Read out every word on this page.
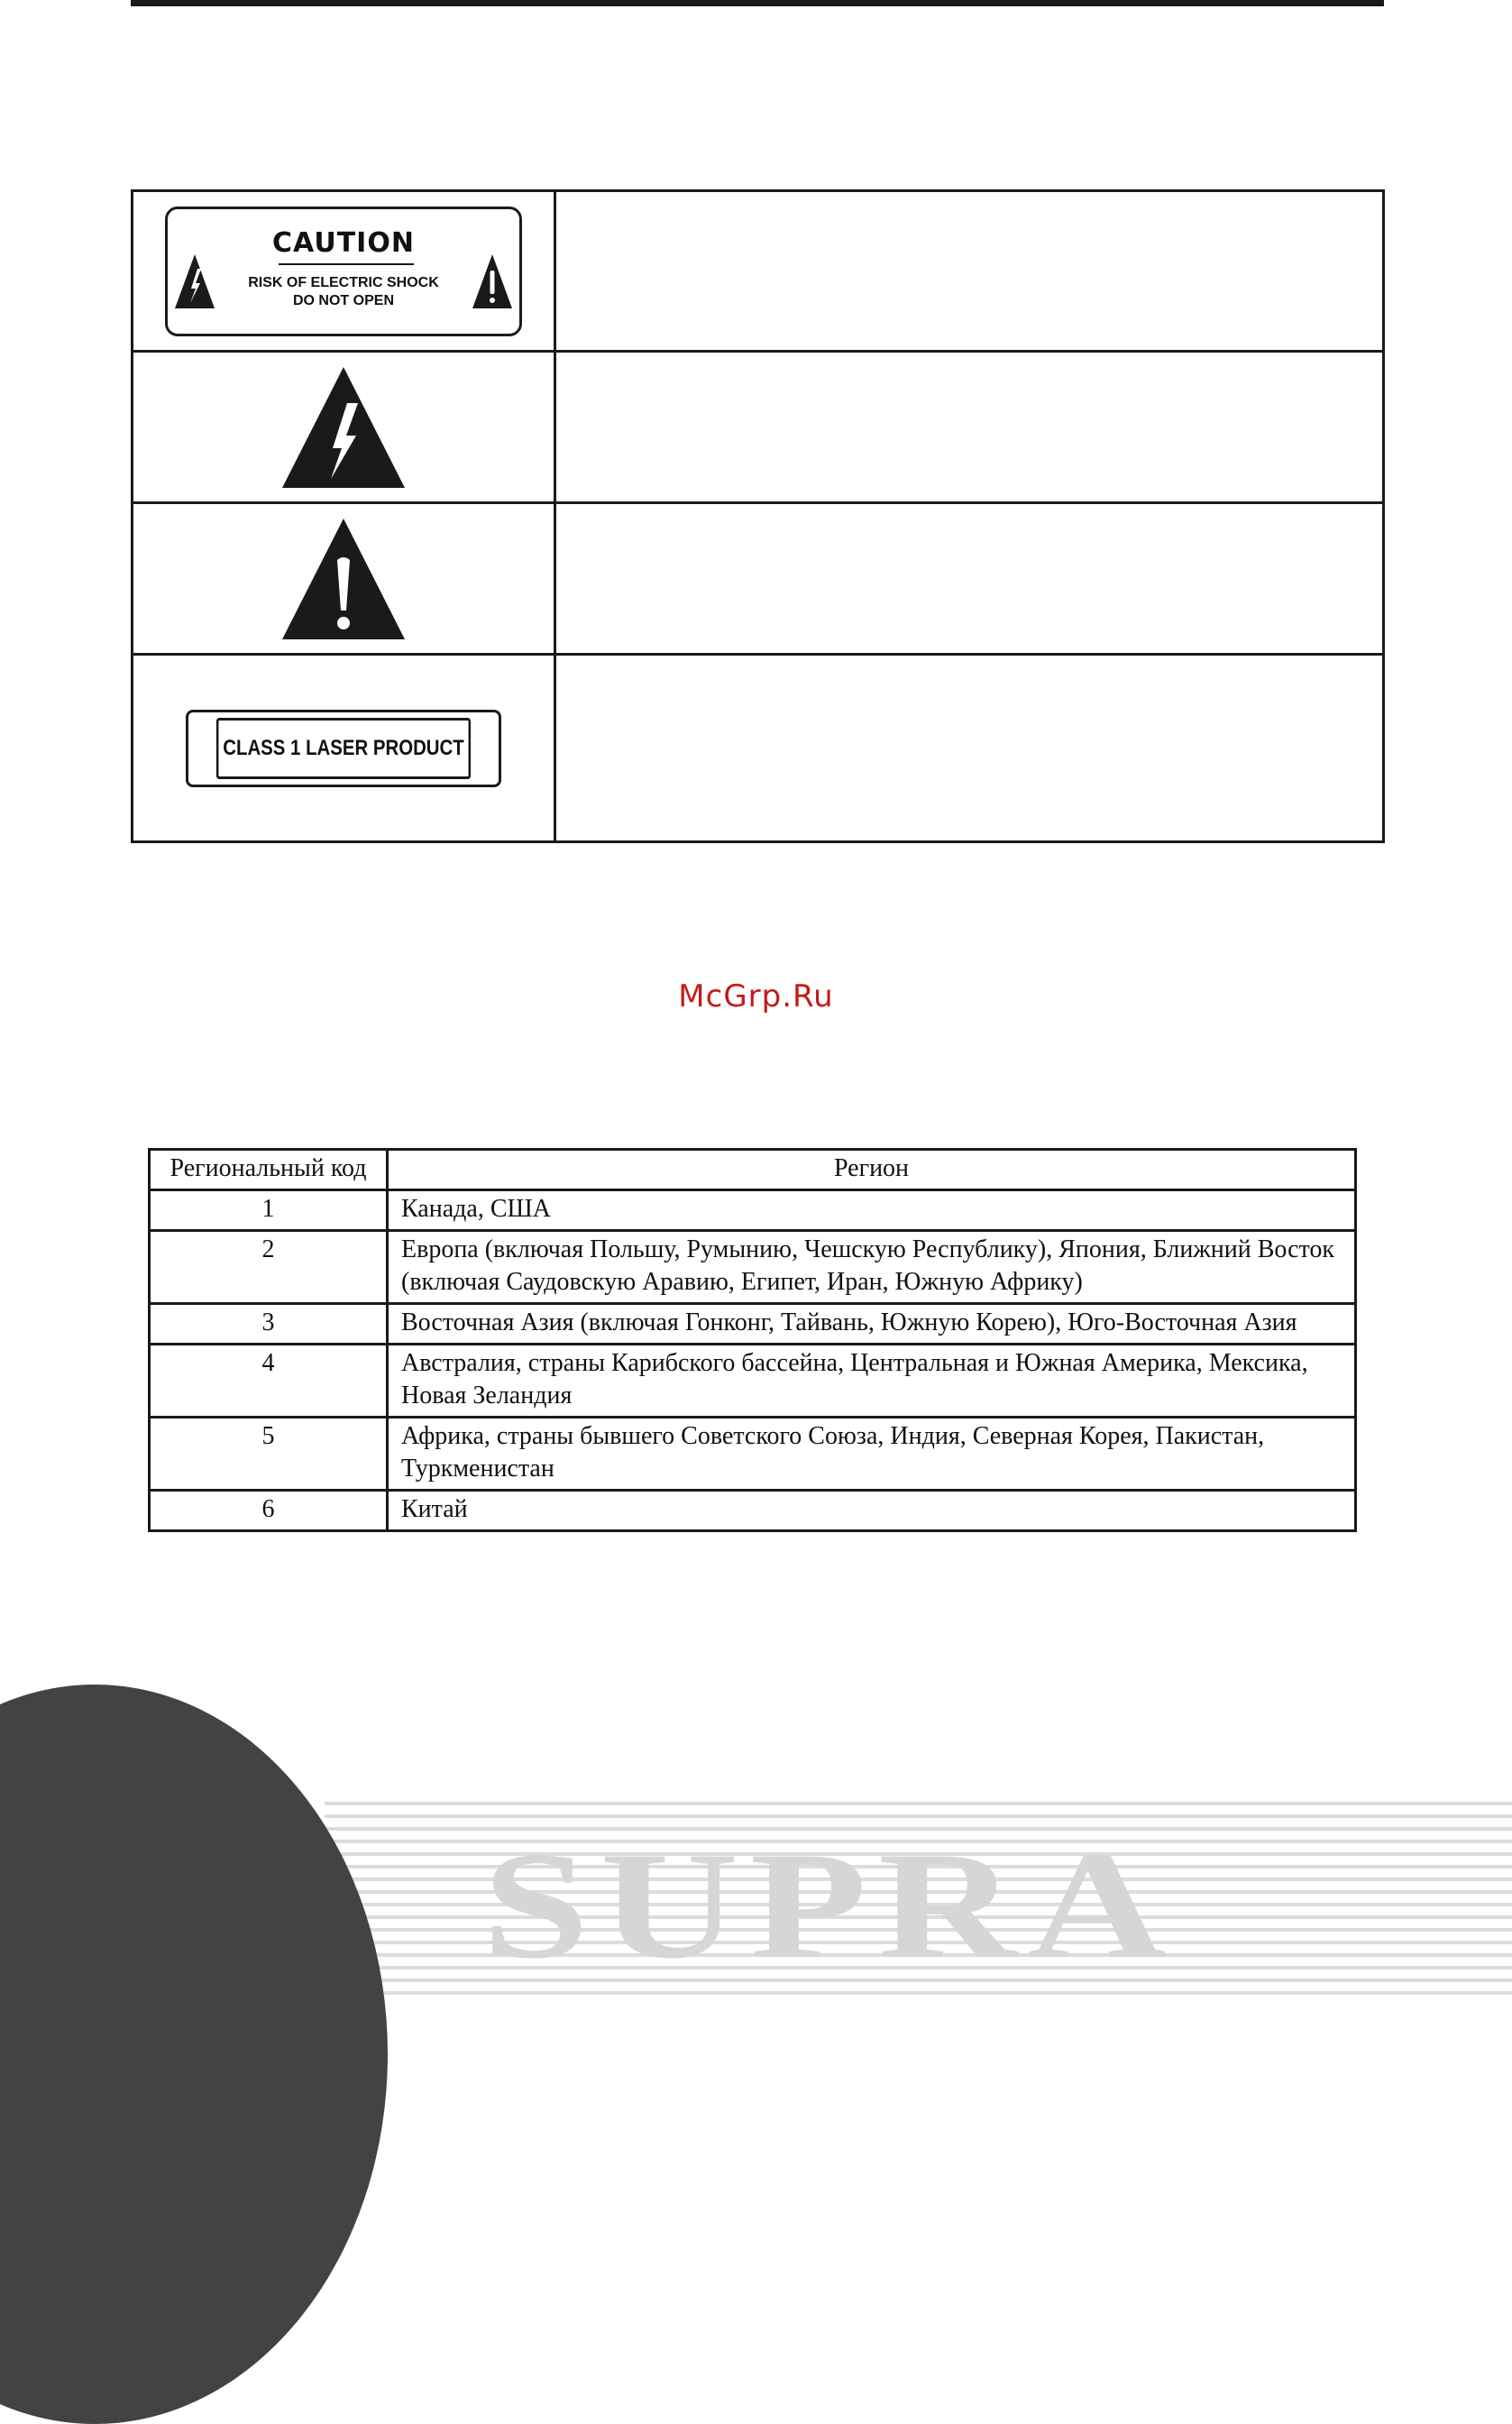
CAUTION
RISK OF ELECTRIC SHOCK
DO NOT OPEN
CLASS 1 LASER PRODUCT
McGrp.Ru
Региональный код	Регион
1	Канада, США
2	Европа (включая Польшу, Румынию, Чешскую Республику), Япония, Ближний Восток (включая Саудовскую Аравию, Египет, Иран, Южную Африку)
3	Восточная Азия (включая Гонконг, Тайвань, Южную Корею), Юго-Восточная Азия
4	Австралия, страны Карибского бассейна, Центральная и Южная Америка, Мексика, Новая Зеландия
5	Африка, страны бывшего Советского Союза, Индия, Северная Корея, Пакистан, Туркменистан
6	Китай
SUPRA
